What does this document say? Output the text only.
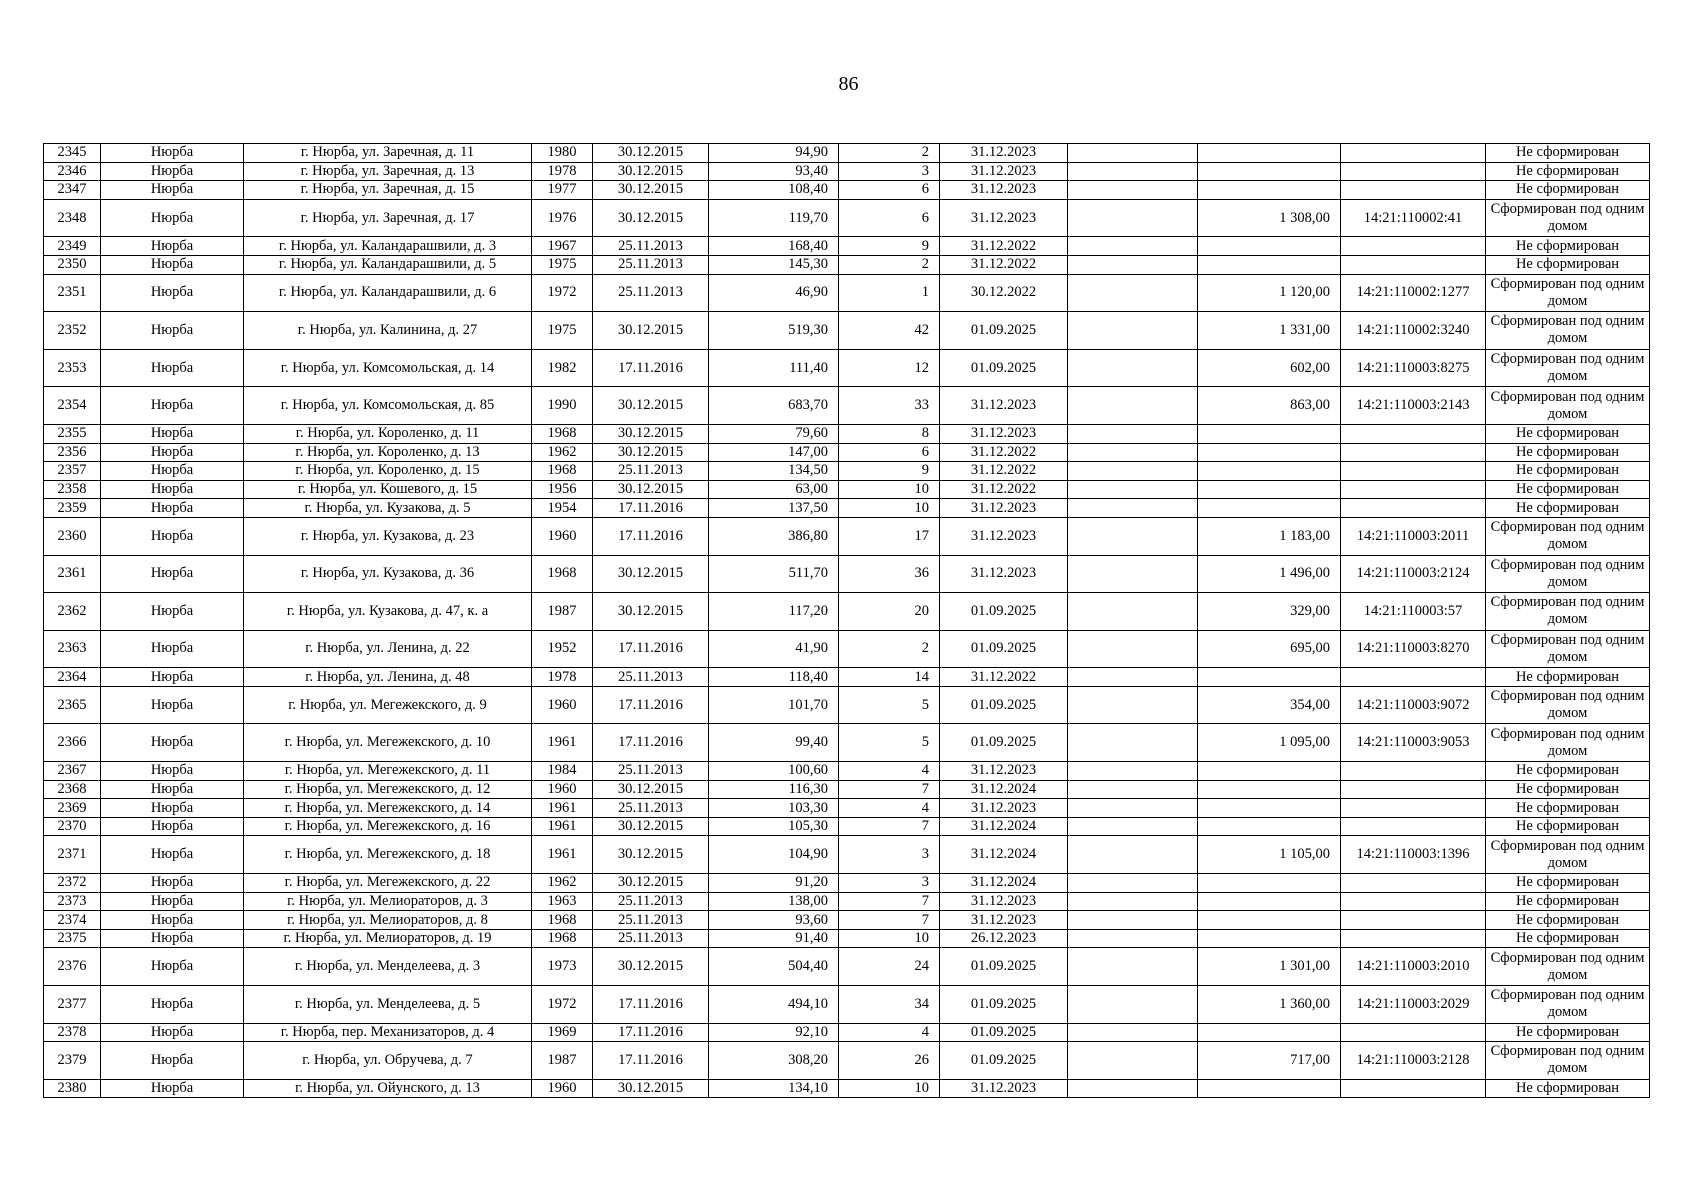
86
2345	Нюрба	г. Нюрба, ул. Заречная, д. 11	1980	30.12.2015	94,90	2	31.12.2023				Не сформирован
2346	Нюрба	г. Нюрба, ул. Заречная, д. 13	1978	30.12.2015	93,40	3	31.12.2023				Не сформирован
2347	Нюрба	г. Нюрба, ул. Заречная, д. 15	1977	30.12.2015	108,40	6	31.12.2023				Не сформирован
2348	Нюрба	г. Нюрба, ул. Заречная, д. 17	1976	30.12.2015	119,70	6	31.12.2023		1 308,00	14:21:110002:41	Сформирован под одним домом
2349	Нюрба	г. Нюрба, ул. Каландарашвили, д. 3	1967	25.11.2013	168,40	9	31.12.2022				Не сформирован
2350	Нюрба	г. Нюрба, ул. Каландарашвили, д. 5	1975	25.11.2013	145,30	2	31.12.2022				Не сформирован
2351	Нюрба	г. Нюрба, ул. Каландарашвили, д. 6	1972	25.11.2013	46,90	1	30.12.2022		1 120,00	14:21:110002:1277	Сформирован под одним домом
2352	Нюрба	г. Нюрба, ул. Калинина, д. 27	1975	30.12.2015	519,30	42	01.09.2025		1 331,00	14:21:110002:3240	Сформирован под одним домом
2353	Нюрба	г. Нюрба, ул. Комсомольская, д. 14	1982	17.11.2016	111,40	12	01.09.2025		602,00	14:21:110003:8275	Сформирован под одним домом
2354	Нюрба	г. Нюрба, ул. Комсомольская, д. 85	1990	30.12.2015	683,70	33	31.12.2023		863,00	14:21:110003:2143	Сформирован под одним домом
2355	Нюрба	г. Нюрба, ул. Короленко, д. 11	1968	30.12.2015	79,60	8	31.12.2023				Не сформирован
2356	Нюрба	г. Нюрба, ул. Короленко, д. 13	1962	30.12.2015	147,00	6	31.12.2022				Не сформирован
2357	Нюрба	г. Нюрба, ул. Короленко, д. 15	1968	25.11.2013	134,50	9	31.12.2022				Не сформирован
2358	Нюрба	г. Нюрба, ул. Кошевого, д. 15	1956	30.12.2015	63,00	10	31.12.2022				Не сформирован
2359	Нюрба	г. Нюрба, ул. Кузакова, д. 5	1954	17.11.2016	137,50	10	31.12.2023				Не сформирован
2360	Нюрба	г. Нюрба, ул. Кузакова, д. 23	1960	17.11.2016	386,80	17	31.12.2023		1 183,00	14:21:110003:2011	Сформирован под одним домом
2361	Нюрба	г. Нюрба, ул. Кузакова, д. 36	1968	30.12.2015	511,70	36	31.12.2023		1 496,00	14:21:110003:2124	Сформирован под одним домом
2362	Нюрба	г. Нюрба, ул. Кузакова, д. 47, к. а	1987	30.12.2015	117,20	20	01.09.2025		329,00	14:21:110003:57	Сформирован под одним домом
2363	Нюрба	г. Нюрба, ул. Ленина, д. 22	1952	17.11.2016	41,90	2	01.09.2025		695,00	14:21:110003:8270	Сформирован под одним домом
2364	Нюрба	г. Нюрба, ул. Ленина, д. 48	1978	25.11.2013	118,40	14	31.12.2022				Не сформирован
2365	Нюрба	г. Нюрба, ул. Мегежекского, д. 9	1960	17.11.2016	101,70	5	01.09.2025		354,00	14:21:110003:9072	Сформирован под одним домом
2366	Нюрба	г. Нюрба, ул. Мегежекского, д. 10	1961	17.11.2016	99,40	5	01.09.2025		1 095,00	14:21:110003:9053	Сформирован под одним домом
2367	Нюрба	г. Нюрба, ул. Мегежекского, д. 11	1984	25.11.2013	100,60	4	31.12.2023				Не сформирован
2368	Нюрба	г. Нюрба, ул. Мегежекского, д. 12	1960	30.12.2015	116,30	7	31.12.2024				Не сформирован
2369	Нюрба	г. Нюрба, ул. Мегежекского, д. 14	1961	25.11.2013	103,30	4	31.12.2023				Не сформирован
2370	Нюрба	г. Нюрба, ул. Мегежекского, д. 16	1961	30.12.2015	105,30	7	31.12.2024				Не сформирован
2371	Нюрба	г. Нюрба, ул. Мегежекского, д. 18	1961	30.12.2015	104,90	3	31.12.2024		1 105,00	14:21:110003:1396	Сформирован под одним домом
2372	Нюрба	г. Нюрба, ул. Мегежекского, д. 22	1962	30.12.2015	91,20	3	31.12.2024				Не сформирован
2373	Нюрба	г. Нюрба, ул. Мелиораторов, д. 3	1963	25.11.2013	138,00	7	31.12.2023				Не сформирован
2374	Нюрба	г. Нюрба, ул. Мелиораторов, д. 8	1968	25.11.2013	93,60	7	31.12.2023				Не сформирован
2375	Нюрба	г. Нюрба, ул. Мелиораторов, д. 19	1968	25.11.2013	91,40	10	26.12.2023				Не сформирован
2376	Нюрба	г. Нюрба, ул. Менделеева, д. 3	1973	30.12.2015	504,40	24	01.09.2025		1 301,00	14:21:110003:2010	Сформирован под одним домом
2377	Нюрба	г. Нюрба, ул. Менделеева, д. 5	1972	17.11.2016	494,10	34	01.09.2025		1 360,00	14:21:110003:2029	Сформирован под одним домом
2378	Нюрба	г. Нюрба, пер. Механизаторов, д. 4	1969	17.11.2016	92,10	4	01.09.2025				Не сформирован
2379	Нюрба	г. Нюрба, ул. Обручева, д. 7	1987	17.11.2016	308,20	26	01.09.2025		717,00	14:21:110003:2128	Сформирован под одним домом
2380	Нюрба	г. Нюрба, ул. Ойунского, д. 13	1960	30.12.2015	134,10	10	31.12.2023				Не сформирован
